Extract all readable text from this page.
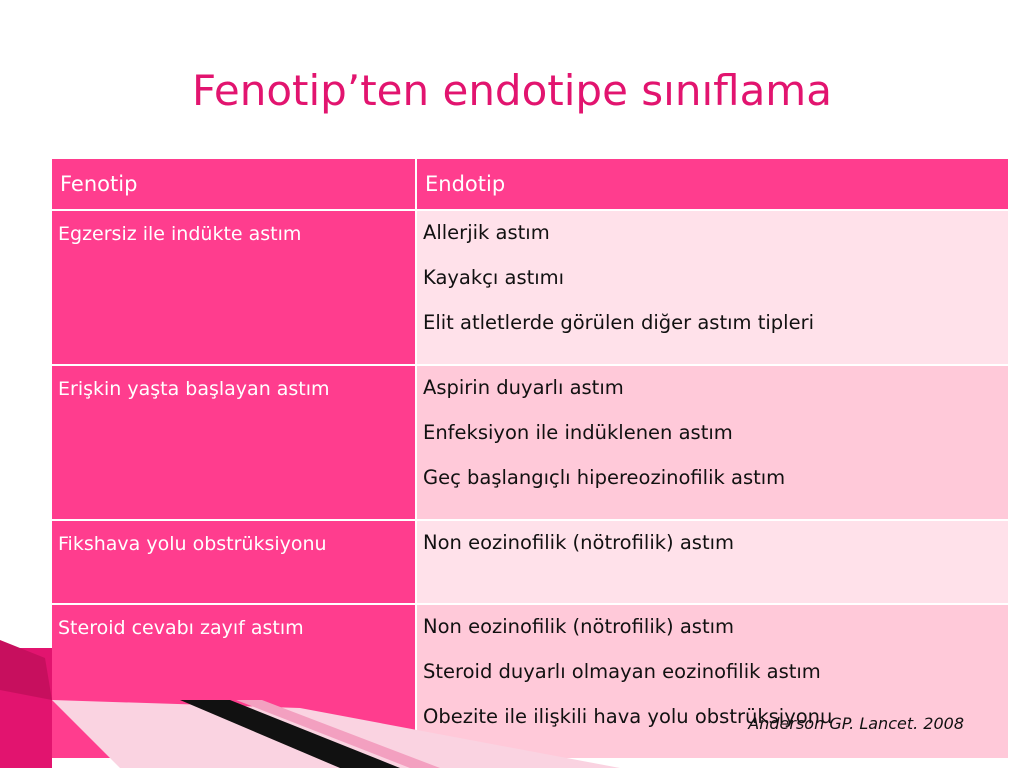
Fenotip’ten endotipe sınıflama
Fenotip	Endotip
Egzersiz ile indükte astım	Allerjik astım
Kayakçı astımı
Elit atletlerde görülen diğer astım tipleri

Erişkin yaşta başlayan astım	Aspirin duyarlı astım
Enfeksiyon ile indüklenen astım
Geç başlangıçlı hipereozinofilik astım

Fikshava yolu obstrüksiyonu	Non eozinofilik (nötrofilik) astım

Steroid cevabı zayıf astım	Non eozinofilik (nötrofilik) astım
Steroid duyarlı olmayan eozinofilik astım
Obezite ile ilişkili hava yolu obstrüksiyonu
Anderson GP. Lancet. 2008
